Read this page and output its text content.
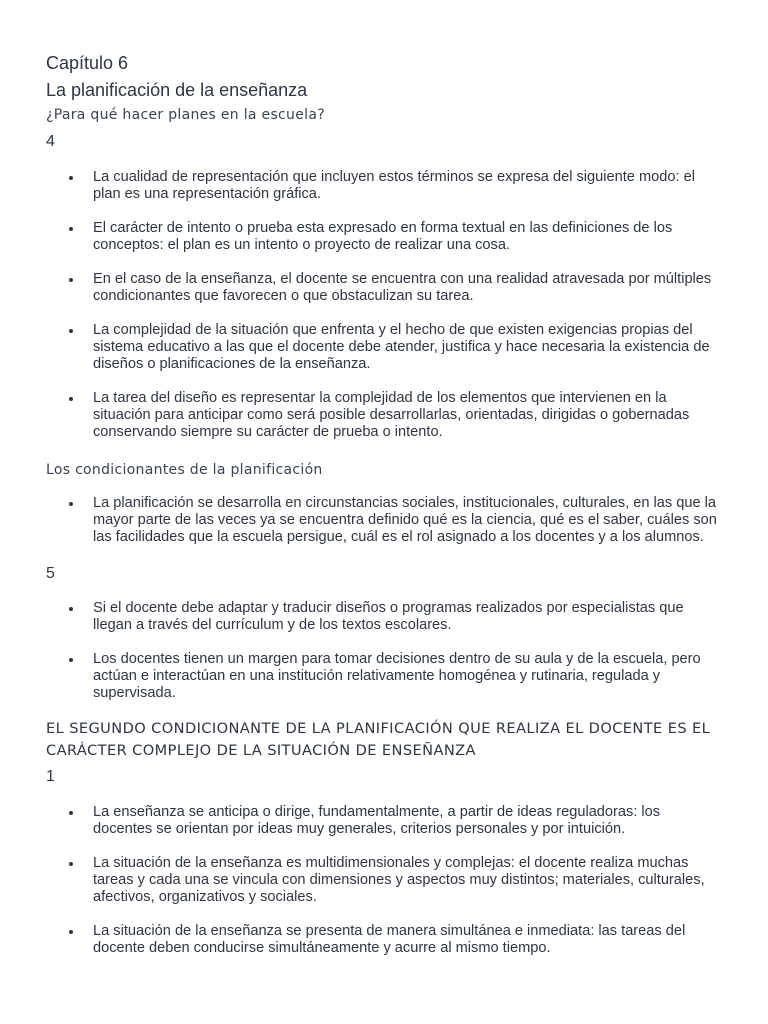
Capítulo 6
La planificación de la enseñanza
¿Para qué hacer planes en la escuela?
4
La cualidad de representación que incluyen estos términos se expresa del siguiente modo: el plan es una representación gráfica.
El carácter de intento o prueba esta expresado en forma textual en las definiciones de los conceptos: el plan es un intento o proyecto de realizar una cosa.
En el caso de la enseñanza, el docente se encuentra con una realidad atravesada por múltiples condicionantes que favorecen o que obstaculizan su tarea.
La complejidad de la situación que enfrenta y el hecho de que existen exigencias propias del sistema educativo a las que el docente debe atender, justifica y hace necesaria la existencia de diseños o planificaciones de la enseñanza.
La tarea del diseño es representar la complejidad de los elementos que intervienen en la situación para anticipar como será posible desarrollarlas, orientadas, dirigidas o gobernadas conservando siempre su carácter de prueba o intento.
Los condicionantes de la planificación
La planificación se desarrolla en circunstancias sociales, institucionales, culturales, en las que la mayor parte de las veces ya se encuentra definido qué es la ciencia, qué es el saber, cuáles son las facilidades que la escuela persigue, cuál es el rol asignado a los docentes y a los alumnos.
5
Si el docente debe adaptar y traducir diseños o programas realizados por especialistas que llegan a través del currículum y de los textos escolares.
Los docentes tienen un margen para tomar decisiones dentro de su aula y de la escuela, pero actúan e interactúan en una institución relativamente homogénea y rutinaria, regulada y supervisada.
EL SEGUNDO CONDICIONANTE DE LA PLANIFICACIÓN QUE REALIZA EL DOCENTE ES EL CARÁCTER COMPLEJO DE LA SITUACIÓN DE ENSEÑANZA
1
La enseñanza se anticipa o dirige, fundamentalmente, a partir de ideas reguladoras: los docentes se orientan por ideas muy generales, criterios personales y por intuición.
La situación de la enseñanza es multidimensionales y complejas: el docente realiza muchas tareas y cada una se vincula con dimensiones y aspectos muy distintos; materiales, culturales, afectivos, organizativos y sociales.
La situación de la enseñanza se presenta de manera simultánea e inmediata: las tareas del docente deben conducirse simultáneamente y acurre al mismo tiempo.
